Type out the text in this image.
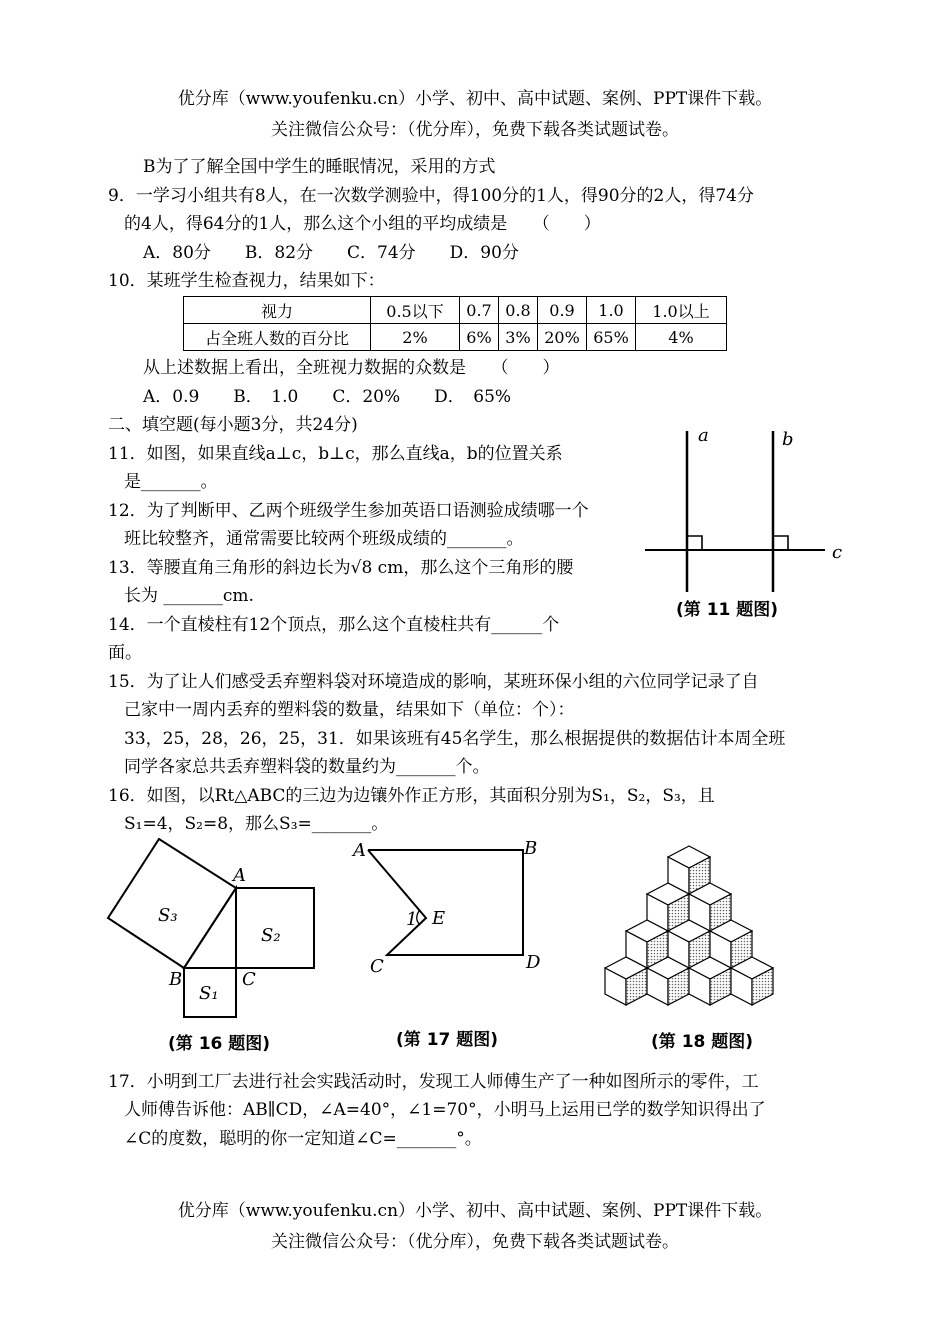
优分库（www.youfenku.cn）小学、初中、高中试题、案例、PPT课件下载。
关注微信公众号：（优分库），免费下载各类试题试卷。
B为了了解全国中学生的睡眠情况，采用的方式
9．一学习小组共有8人，在一次数学测验中，得100分的1人，得90分的2人，得74分
的4人，得64分的1人，那么这个小组的平均成绩是　　（　　）
A．80分　　B．82分　　C．74分　　D．90分
10．某班学生检查视力，结果如下：
视力	0.5以下	0.7	0.8	0.9	1.0	1.0以上
占全班人数的百分比	2%	6%	3%	20%	65%	4%
从上述数据上看出，全班视力数据的众数是　　（　　）
A．0.9　　B．　1.0　　C．20%　　D．　65%
二、填空题(每小题3分，共24分)
11．如图，如果直线a⊥c，b⊥c，那么直线a，b的位置关系
是_______。
12．为了判断甲、乙两个班级学生参加英语口语测验成绩哪一个
班比较整齐，通常需要比较两个班级成绩的_______。
13．等腰直角三角形的斜边长为√8 cm，那么这个三角形的腰
长为 _______cm.
14．一个直棱柱有12个顶点，那么这个直棱柱共有______个
面。
a	b
c
(第 11 题图)
15．为了让人们感受丢弃塑料袋对环境造成的影响，某班环保小组的六位同学记录了自
己家中一周内丢弃的塑料袋的数量，结果如下（单位：个）：
33，25，28，26，25，31．如果该班有45名学生，那么根据提供的数据估计本周全班
同学各家总共丢弃塑料袋的数量约为_______个。
16．如图，以Rt△ABC的三边为边镶外作正方形，其面积分别为S₁，S₂，S₃，且
S₁=4，S₂=8，那么S₃=_______。
A
B	C
S₃
S₂
S₁
(第 16 题图)
A	B
C	D
E
1
(第 17 题图)	(第 18 题图)
17．小明到工厂去进行社会实践活动时，发现工人师傅生产了一种如图所示的零件，工
人师傅告诉他：AB∥CD，∠A=40°，∠1=70°，小明马上运用已学的数学知识得出了
∠C的度数，聪明的你一定知道∠C=_______°。
优分库（www.youfenku.cn）小学、初中、高中试题、案例、PPT课件下载。
关注微信公众号：（优分库），免费下载各类试题试卷。
